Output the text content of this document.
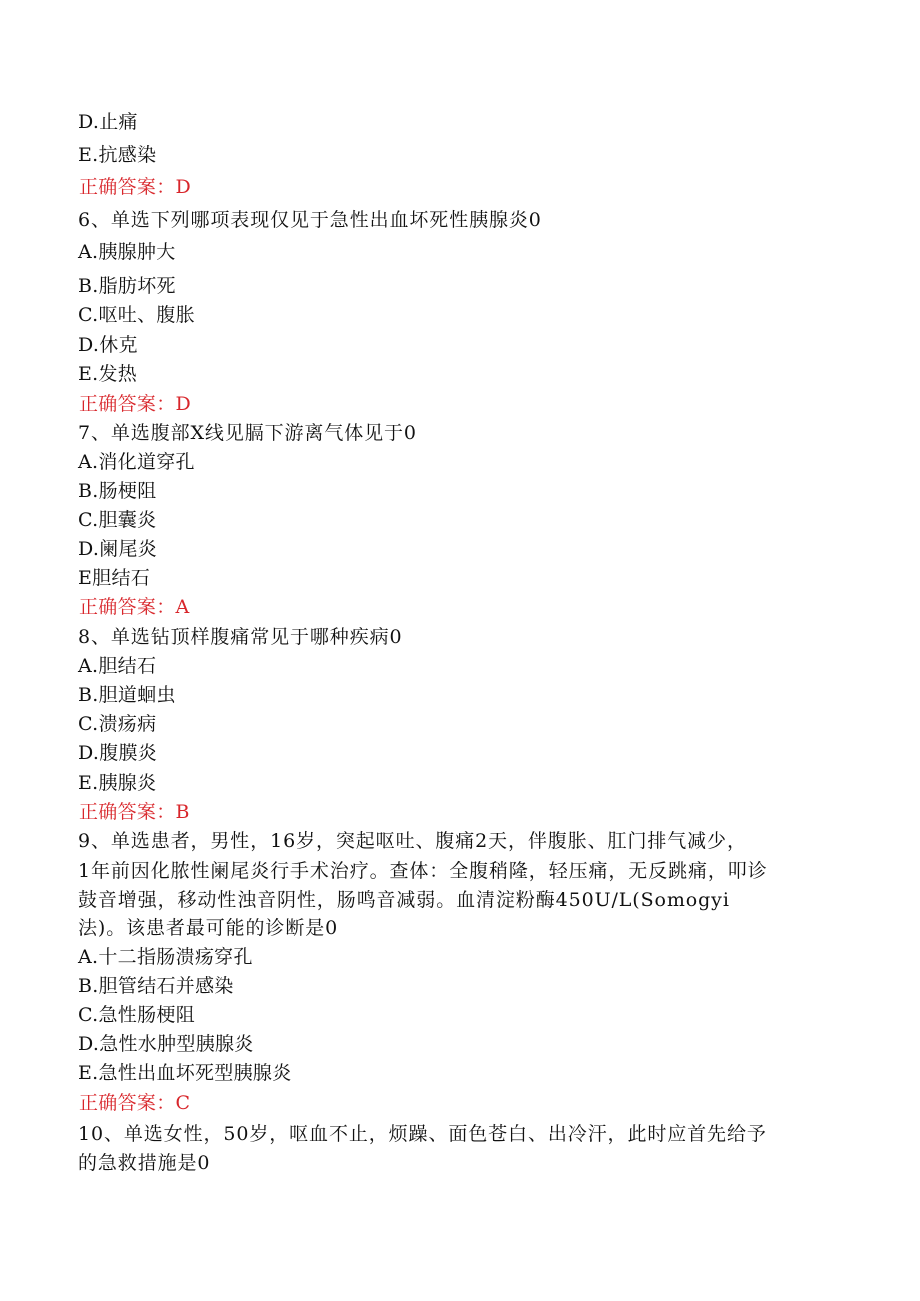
D.止痛
E.抗感染
正确答案：D
6、单选下列哪项表现仅见于急性出血坏死性胰腺炎0
A.胰腺肿大
B.脂肪坏死
C.呕吐、腹胀
D.休克
E.发热
正确答案：D
7、单选腹部X线见膈下游离气体见于0
A.消化道穿孔
B.肠梗阻
C.胆囊炎
D.阑尾炎
E胆结石
正确答案：A
8、单选钻顶样腹痛常见于哪种疾病0
A.胆结石
B.胆道蛔虫
C.溃疡病
D.腹膜炎
E.胰腺炎
正确答案：B
9、单选患者，男性，16岁，突起呕吐、腹痛2天，伴腹胀、肛门排气减少，
1年前因化脓性阑尾炎行手术治疗。查体：全腹稍隆，轻压痛，无反跳痛，叩诊
鼓音增强，移动性浊音阴性，肠鸣音减弱。血清淀粉酶450U/L(Somogyi
法)。该患者最可能的诊断是0
A.十二指肠溃疡穿孔
B.胆管结石并感染
C.急性肠梗阻
D.急性水肿型胰腺炎
E.急性出血坏死型胰腺炎
正确答案：C
10、单选女性，50岁，呕血不止，烦躁、面色苍白、出冷汗，此时应首先给予
的急救措施是0
